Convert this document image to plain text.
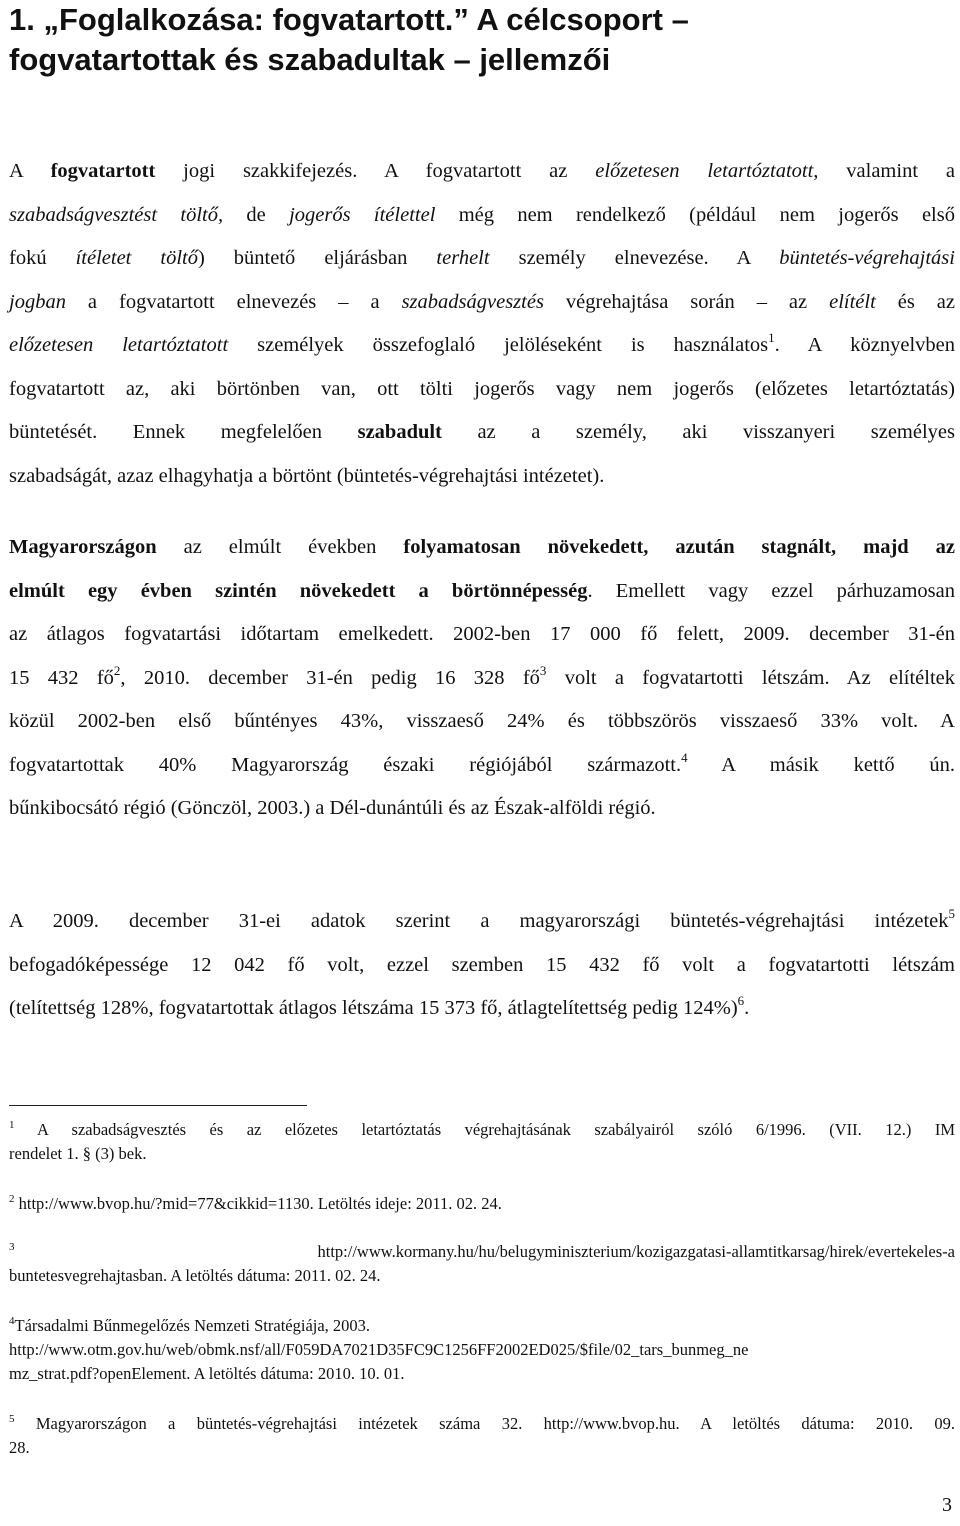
1. „Foglalkozása: fogvatartott.” A célcsoport –
fogvatartottak és szabadultak – jellemzői
A fogvatartott jogi szakkifejezés. A fogvatartott az előzetesen letartóztatott, valamint a
szabadságvesztést töltő, de jogerős ítélettel még nem rendelkező (például nem jogerős első
fokú ítéletet töltő) büntető eljárásban terhelt személy elnevezése. A büntetés-végrehajtási
jogban a fogvatartott elnevezés – a szabadságvesztés végrehajtása során – az elítélt és az
előzetesen letartóztatott személyek összefoglaló jelöléseként is használatos$^1$. A köznyelvben
fogvatartott az, aki börtönben van, ott tölti jogerős vagy nem jogerős (előzetes letartóztatás)
büntetését. Ennek megfelelően szabadult az a személy, aki visszanyeri személyes
szabadságát, azaz elhagyhatja a börtönt (büntetés-végrehajtási intézetet).
Magyarországon az elmúlt években folyamatosan növekedett, azután stagnált, majd az
elmúlt egy évben szintén növekedett a börtönnépesség. Emellett vagy ezzel párhuzamosan
az átlagos fogvatartási időtartam emelkedett. 2002-ben 17 000 fő felett, 2009. december 31-én
15 432 $fő^2$, 2010. december 31-én pedig 16 328 $fő^3$ volt a fogvatartotti létszám. Az elítéltek
közül 2002-ben első bűntényes 43%, visszaeső 24% és többszörös visszaeső 33% volt. A
fogvatartottak 40% Magyarország északi régiójából származott.$^4$ A másik kettő ún.
bűnkibocsátó régió (Gönczöl, 2003.) a Dél-dunántúli és az Észak-alföldi régió.
A 2009. december 31-ei adatok szerint a magyarországi büntetés-végrehajtási intézetek$^5$
befogadóképessége 12 042 fő volt, ezzel szemben 15 432 fő volt a fogvatartotti létszám
(telítettség 128%, fogvatartottak átlagos létszáma 15 373 fő, átlagtelítettség pedig 124%)$^6$.
$^1$ A szabadságvesztés és az előzetes letartóztatás végrehajtásának szabályairól szóló 6/1996. (VII. 12.) IM
rendelet 1. § (3) bek.
$^2$ http://www.bvop.hu/?mid=77&cikkid=1130. Letöltés ideje: 2011. 02. 24.
$^3$ http://www.kormany.hu/hu/belugyminiszterium/kozigazgatasi-allamtitkarsag/hirek/evertekeles-a
buntetesvegrehajtasban. A letöltés dátuma: 2011. 02. 24.
$^4$Társadalmi Bűnmegelőzés Nemzeti Stratégiája, 2003.
http://www.otm.gov.hu/web/obmk.nsf/all/F059DA7021D35FC9C1256FF2002ED025/$file/02_tars_bunmeg_ne
mz_strat.pdf?openElement. A letöltés dátuma: 2010. 10. 01.
$^5$ Magyarországon a büntetés-végrehajtási intézetek száma 32. http://www.bvop.hu. A letöltés dátuma: 2010. 09.
28.
3
